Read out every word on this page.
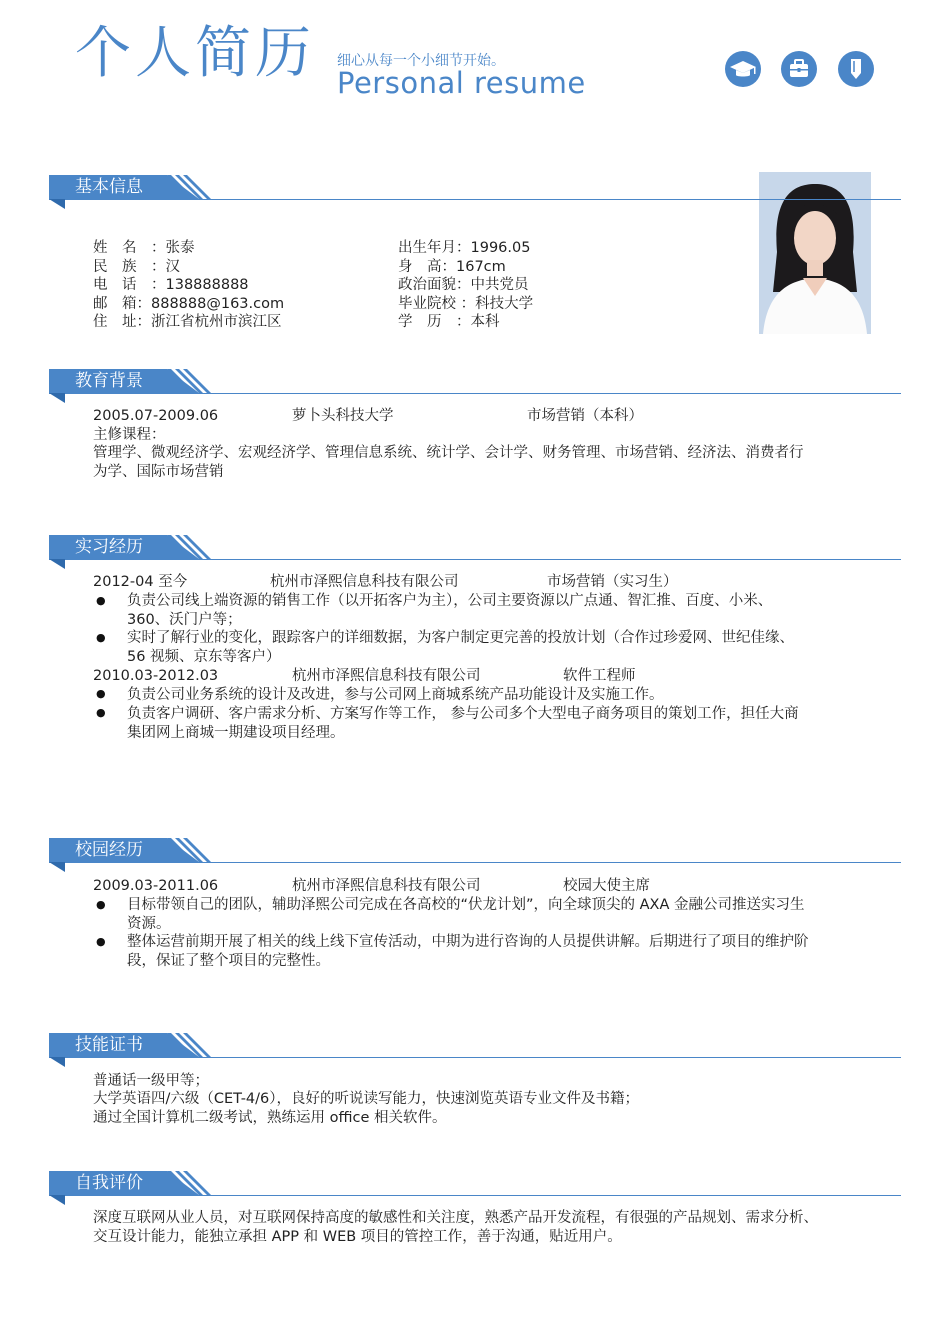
个人简历 细心从每一个小细节开始。
Personal resume
基本信息
姓　名　：张泰
民　族　：汉
电　话　：138888888
邮　箱：888888@163.com
住　址：浙江省杭州市滨江区
出生年月：1996.05
身　高：167cm
政治面貌：中共党员
毕业院校 ：科技大学
学　历　：本科
教育背景
2005.07-2009.06	萝卜头科技大学	市场营销（本科）
主修课程：
管理学、微观经济学、宏观经济学、管理信息系统、统计学、会计学、财务管理、市场营销、经济法、消费者行
为学、国际市场营销
实习经历
2012-04 至今	杭州市泽熙信息科技有限公司	市场营销（实习生）
● 负责公司线上端资源的销售工作（以开拓客户为主），公司主要资源以广点通、智汇推、百度、小米、
360、沃门户等；
● 实时了解行业的变化，跟踪客户的详细数据，为客户制定更完善的投放计划（合作过珍爱网、世纪佳缘、
56 视频、京东等客户）
2010.03-2012.03	杭州市泽熙信息科技有限公司	软件工程师
● 负责公司业务系统的设计及改进，参与公司网上商城系统产品功能设计及实施工作。
● 负责客户调研、客户需求分析、方案写作等工作， 参与公司多个大型电子商务项目的策划工作，担任大商
集团网上商城一期建设项目经理。
校园经历
2009.03-2011.06	杭州市泽熙信息科技有限公司	校园大使主席
● 目标带领自己的团队，辅助泽熙公司完成在各高校的“伏龙计划”，向全球顶尖的 AXA 金融公司推送实习生
资源。
● 整体运营前期开展了相关的线上线下宣传活动，中期为进行咨询的人员提供讲解。后期进行了项目的维护阶
段，保证了整个项目的完整性。
技能证书
普通话一级甲等；
大学英语四/六级（CET-4/6），良好的听说读写能力，快速浏览英语专业文件及书籍；
通过全国计算机二级考试，熟练运用 office 相关软件。
自我评价
深度互联网从业人员，对互联网保持高度的敏感性和关注度，熟悉产品开发流程，有很强的产品规划、需求分析、
交互设计能力，能独立承担 APP 和 WEB 项目的管控工作，善于沟通，贴近用户。
